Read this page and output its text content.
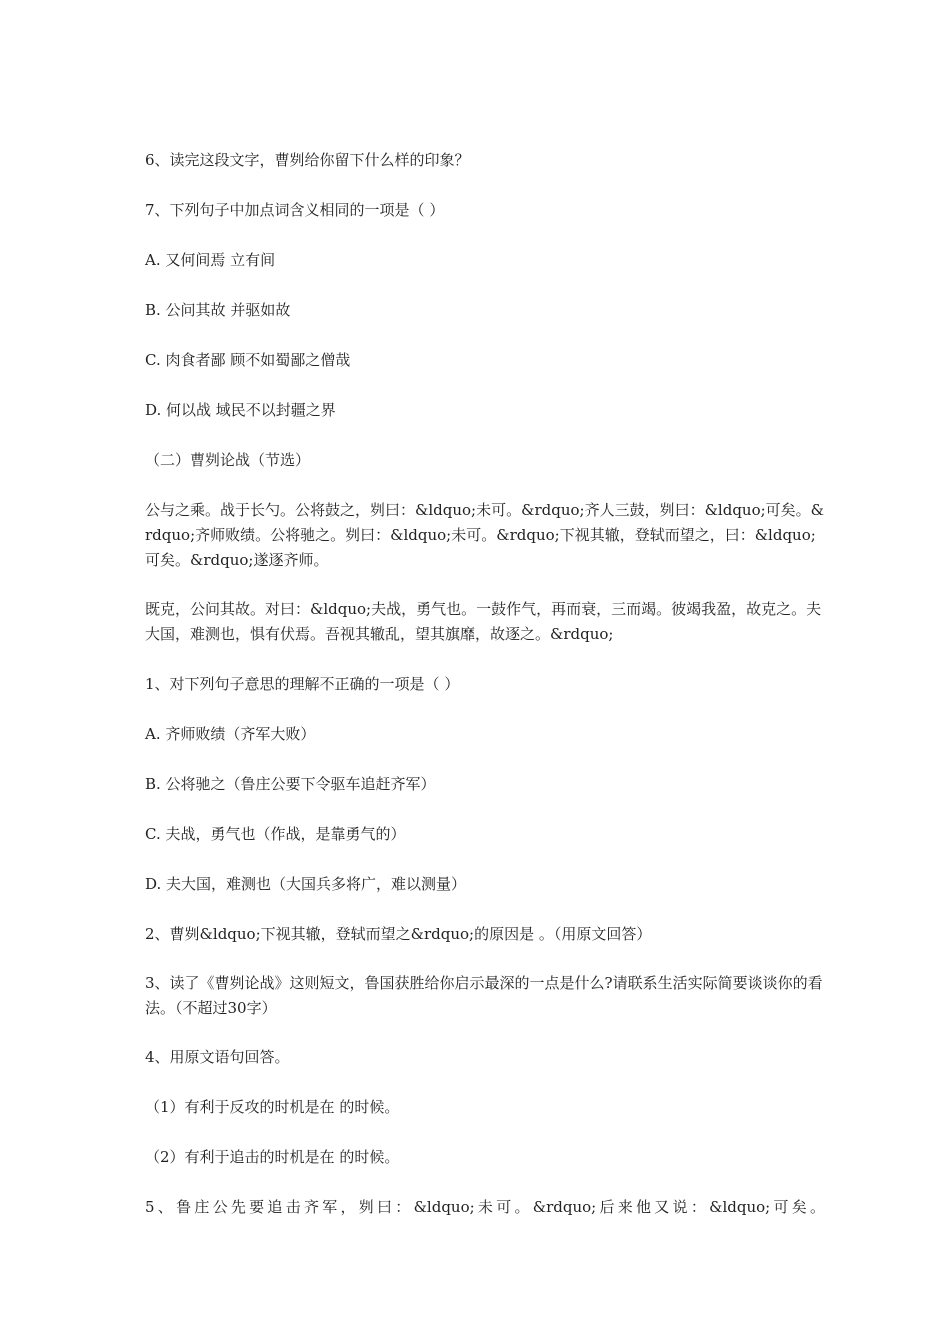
6、读完这段文字，曹刿给你留下什么样的印象？

7、下列句子中加点词含义相同的一项是（ ）

A. 又何间焉 立有间

B. 公问其故 并驱如故

C. 肉食者鄙 顾不如蜀鄙之僧哉

D. 何以战 域民不以封疆之界

（二）曹刿论战（节选）

公与之乘。战于长勺。公将鼓之，刿曰：&ldquo;未可。&rdquo;齐人三鼓，刿曰：&ldquo;可矣。&rdquo;齐师败绩。公将驰之。刿曰：&ldquo;未可。&rdquo;下视其辙，登轼而望之，曰：&ldquo;可矣。&rdquo;遂逐齐师。

既克，公问其故。对曰：&ldquo;夫战，勇气也。一鼓作气，再而衰，三而竭。彼竭我盈，故克之。夫大国，难测也，惧有伏焉。吾视其辙乱，望其旗靡，故逐之。&rdquo;

1、对下列句子意思的理解不正确的一项是（ ）

A. 齐师败绩（齐军大败）

B. 公将驰之（鲁庄公要下令驱车追赶齐军）

C. 夫战，勇气也（作战，是靠勇气的）

D. 夫大国，难测也（大国兵多将广，难以测量）

2、曹刿&ldquo;下视其辙，登轼而望之&rdquo;的原因是 。（用原文回答）

3、读了《曹刿论战》这则短文，鲁国获胜给你启示最深的一点是什么?请联系生活实际简要谈谈你的看法。（不超过30字）

4、用原文语句回答。

（1）有利于反攻的时机是在 的时候。

（2）有利于追击的时机是在 的时候。

5、鲁庄公先要追击齐军，刿曰：&ldquo;未可。&rdquo;后来他又说：&ldquo;可矣。
